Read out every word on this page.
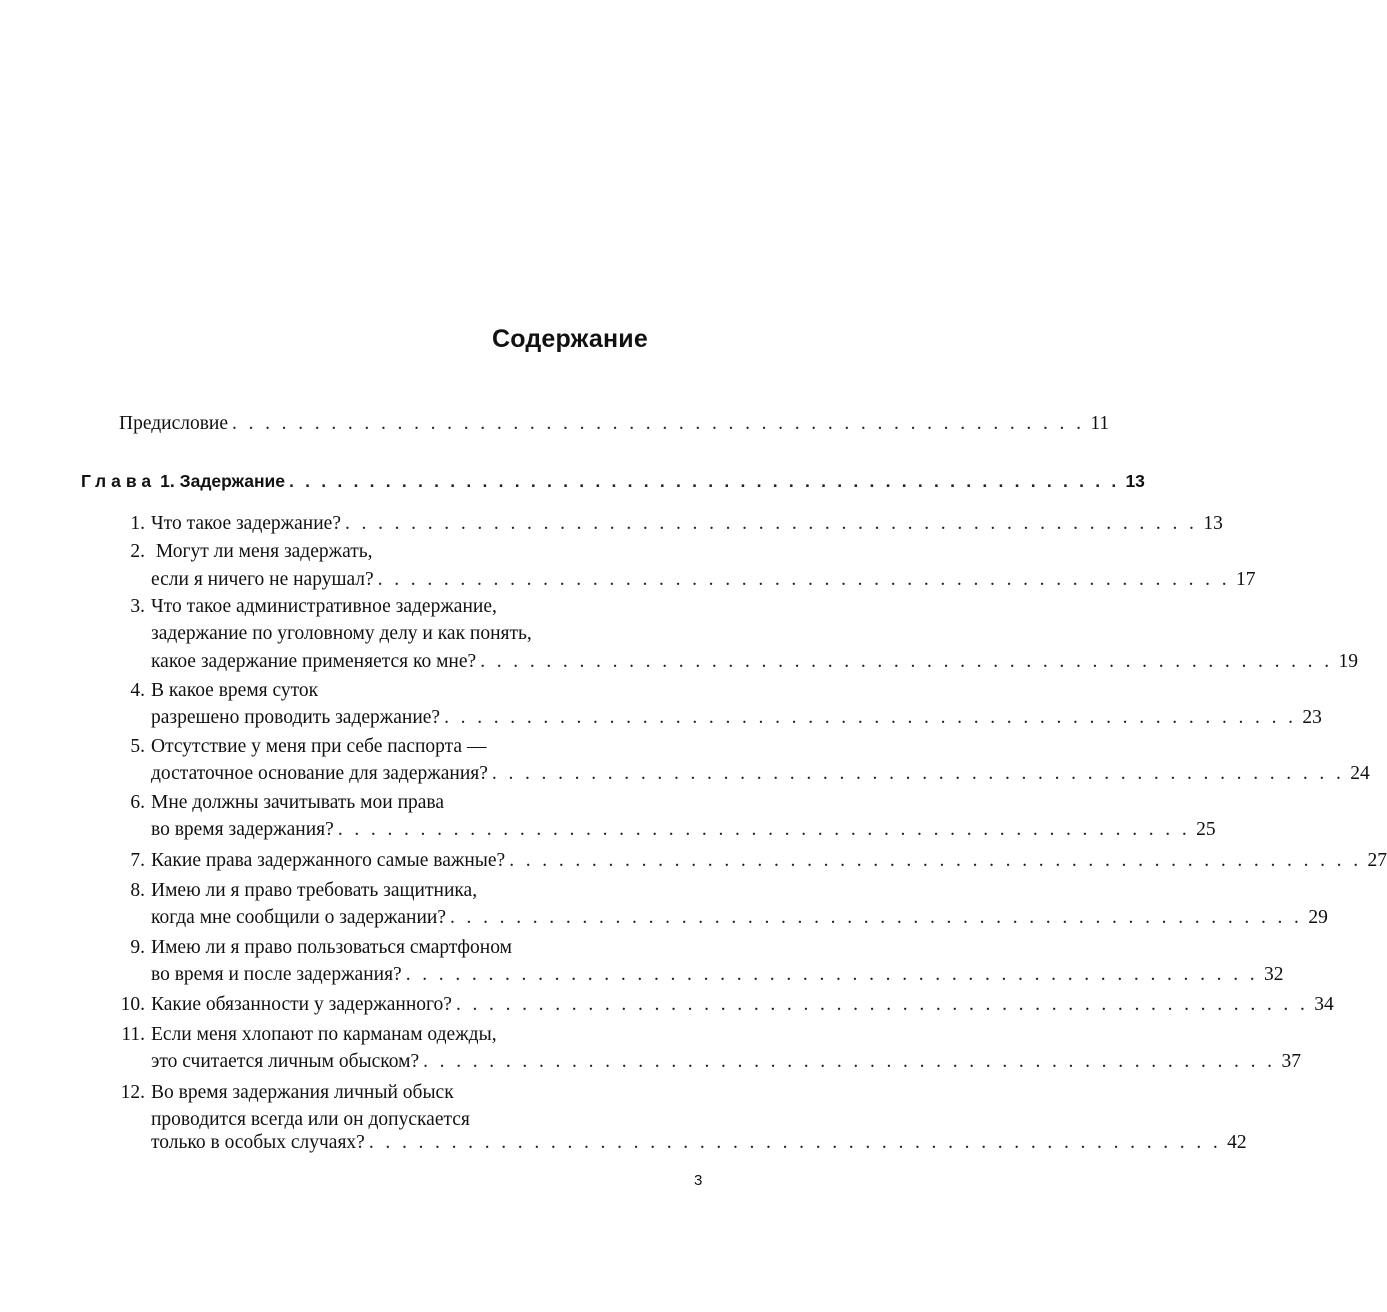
Содержание
Предисловие . . . . . . . . . . . . . . . . . . . . . . . . . . . . . . . . . . . . . . . . . . . . . . . . . . . . 11
Глава 1. Задержание . . . . . . . . . . . . . . . . . . . . . . . . . . . . . . . . . . . . . . . . . . . . . . . . . . . . 13
1. Что такое задержание? . . . . . . . . . . . . . . . . . . . . . . . . . . . . . . . . . . . . . . . . . . . . . . . . . . . . 13
2. Могут ли меня задержать,
если я ничего не нарушал? . . . . . . . . . . . . . . . . . . . . . . . . . . . . . . . . . . . . . . . . . . . . . . . . . . . . 17
3. Что такое административное задержание,
задержание по уголовному делу и как понять,
какое задержание применяется ко мне? . . . . . . . . . . . . . . . . . . . . . . . . . . . . . . . . . . . . . . . . . . . . . . . . . . . . 19
4. В какое время суток
разрешено проводить задержание? . . . . . . . . . . . . . . . . . . . . . . . . . . . . . . . . . . . . . . . . . . . . . . . . . . . . 23
5. Отсутствие у меня при себе паспорта —
достаточное основание для задержания? . . . . . . . . . . . . . . . . . . . . . . . . . . . . . . . . . . . . . . . . . . . . . . . . . . . . 24
6. Мне должны зачитывать мои права
во время задержания? . . . . . . . . . . . . . . . . . . . . . . . . . . . . . . . . . . . . . . . . . . . . . . . . . . . . 25
7. Какие права задержанного самые важные? . . . . . . . . . . . . . . . . . . . . . . . . . . . . . . . . . . . . . . . . . . . . . . . . . . . . 27
8. Имею ли я право требовать защитника,
когда мне сообщили о задержании? . . . . . . . . . . . . . . . . . . . . . . . . . . . . . . . . . . . . . . . . . . . . . . . . . . . . 29
9. Имею ли я право пользоваться смартфоном
во время и после задержания? . . . . . . . . . . . . . . . . . . . . . . . . . . . . . . . . . . . . . . . . . . . . . . . . . . . . 32
10. Какие обязанности у задержанного? . . . . . . . . . . . . . . . . . . . . . . . . . . . . . . . . . . . . . . . . . . . . . . . . . . . . 34
11. Если меня хлопают по карманам одежды,
это считается личным обыском? . . . . . . . . . . . . . . . . . . . . . . . . . . . . . . . . . . . . . . . . . . . . . . . . . . . . 37
12. Во время задержания личный обыск
проводится всегда или он допускается
только в особых случаях? . . . . . . . . . . . . . . . . . . . . . . . . . . . . . . . . . . . . . . . . . . . . . . . . . . . . 42
3
